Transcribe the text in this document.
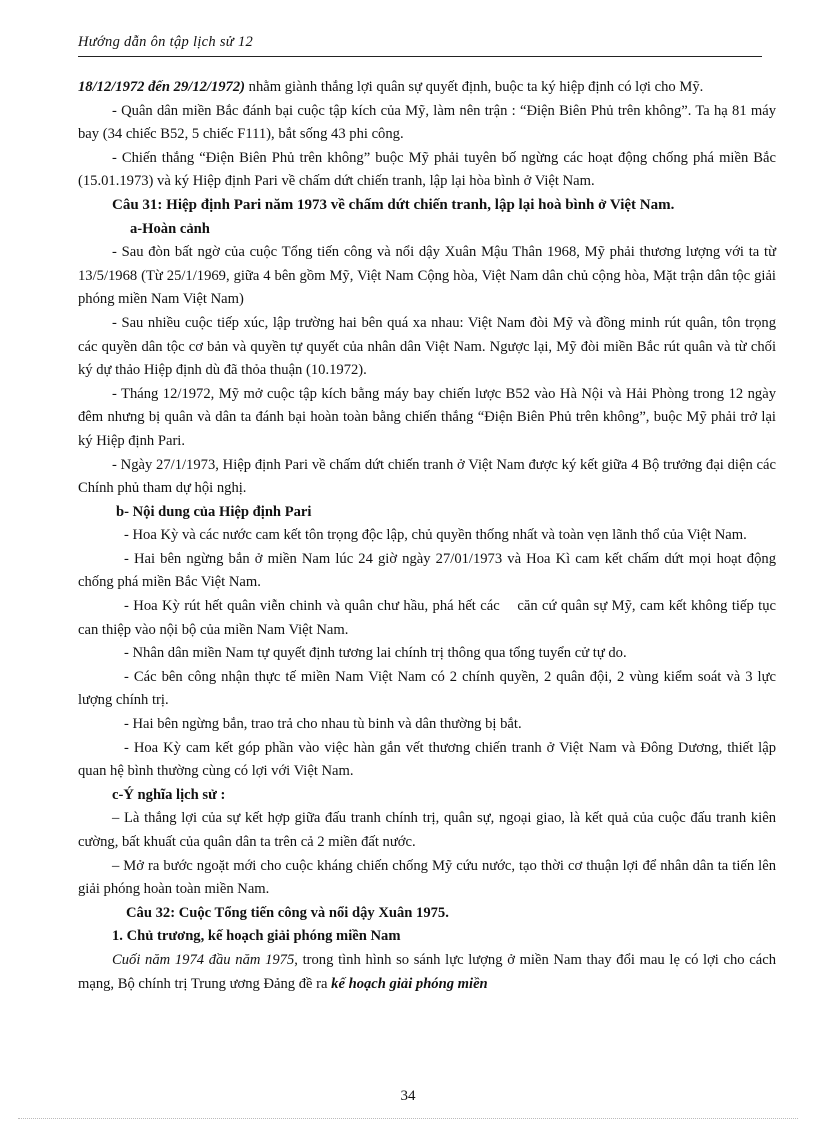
Hướng dẫn ôn tập lịch sử 12

18/12/1972 đến 29/12/1972) nhằm giành thắng lợi quân sự quyết định, buộc ta ký hiệp định có lợi cho Mỹ.

- Quân dân miền Bắc đánh bại cuộc tập kích của Mỹ, làm nên trận : “Điện Biên Phủ trên không”. Ta hạ 81 máy bay (34 chiếc B52, 5 chiếc F111), bắt sống 43 phi công.

- Chiến thắng “Điện Biên Phủ trên không” buộc Mỹ phải tuyên bố ngừng các hoạt động chống phá miền Bắc (15.01.1973) và ký Hiệp định Pari về chấm dứt chiến tranh, lập lại hòa bình ở Việt Nam.

Câu 31: Hiệp định Pari năm 1973 về chấm dứt chiến tranh, lập lại hoà bình ở Việt Nam.

a-Hoàn cảnh

- Sau đòn bất ngờ của cuộc Tổng tiến công và nổi dậy Xuân Mậu Thân 1968, Mỹ phải thương lượng với ta từ 13/5/1968 (Từ 25/1/1969, giữa 4 bên gồm Mỹ, Việt Nam Cộng hòa, Việt Nam dân chủ cộng hòa, Mặt trận dân tộc giải phóng miền Nam Việt Nam)

- Sau nhiều cuộc tiếp xúc, lập trường hai bên quá xa nhau: Việt Nam đòi Mỹ và đồng minh rút quân, tôn trọng các quyền dân tộc cơ bản và quyền tự quyết của nhân dân Việt Nam. Ngược lại, Mỹ đòi miền Bắc rút quân và từ chối ký dự thảo Hiệp định dù đã thỏa thuận (10.1972).

- Tháng 12/1972, Mỹ mở cuộc tập kích bằng máy bay chiến lược B52 vào Hà Nội và Hải Phòng trong 12 ngày đêm nhưng bị quân và dân ta đánh bại hoàn toàn bằng chiến thắng “Điện Biên Phủ trên không”, buộc Mỹ phải trở lại ký Hiệp định Pari.

- Ngày 27/1/1973, Hiệp định Pari về chấm dứt chiến tranh ở Việt Nam được ký kết giữa 4 Bộ trưởng đại diện các Chính phủ tham dự hội nghị.

b- Nội dung của Hiệp định Pari

- Hoa Kỳ và các nước cam kết tôn trọng độc lập, chủ quyền thống nhất và toàn vẹn lãnh thổ của Việt Nam.

- Hai bên ngừng bắn ở miền Nam lúc 24 giờ ngày 27/01/1973 và Hoa Kì cam kết chấm dứt mọi hoạt động chống phá miền Bắc Việt Nam.

- Hoa Kỳ rút hết quân viễn chinh và quân chư hầu, phá hết các    căn cứ quân sự Mỹ, cam kết không tiếp tục can thiệp vào nội bộ của miền Nam Việt Nam.

- Nhân dân miền Nam tự quyết định tương lai chính trị thông qua tổng tuyển cử tự do.

- Các bên công nhận thực tế miền Nam Việt Nam có 2 chính quyền, 2 quân đội, 2 vùng kiểm soát và 3 lực lượng chính trị.

- Hai bên ngừng bắn, trao trả cho nhau tù binh và dân thường bị bắt.

- Hoa Kỳ cam kết góp phần vào việc hàn gắn vết thương chiến tranh ở Việt Nam và Đông Dương, thiết lập quan hệ bình thường cùng có lợi với Việt Nam.

c-Ý nghĩa lịch sử :

– Là thắng lợi của sự kết hợp giữa đấu tranh chính trị, quân sự, ngoại giao, là kết quả của cuộc đấu tranh kiên cường, bất khuất của quân dân ta trên cả 2 miền đất nước.

– Mở ra bước ngoặt mới cho cuộc kháng chiến chống Mỹ cứu nước, tạo thời cơ thuận lợi để nhân dân ta tiến lên giải phóng hoàn toàn miền Nam.

Câu 32: Cuộc Tổng tiến công và nổi dậy Xuân 1975.

1. Chủ trương, kế hoạch giải phóng miền Nam

Cuối năm 1974 đầu năm 1975, trong tình hình so sánh lực lượng ở miền Nam thay đổi mau lẹ có lợi cho cách mạng, Bộ chính trị Trung ương Đảng đề ra kế hoạch giải phóng miền

34
